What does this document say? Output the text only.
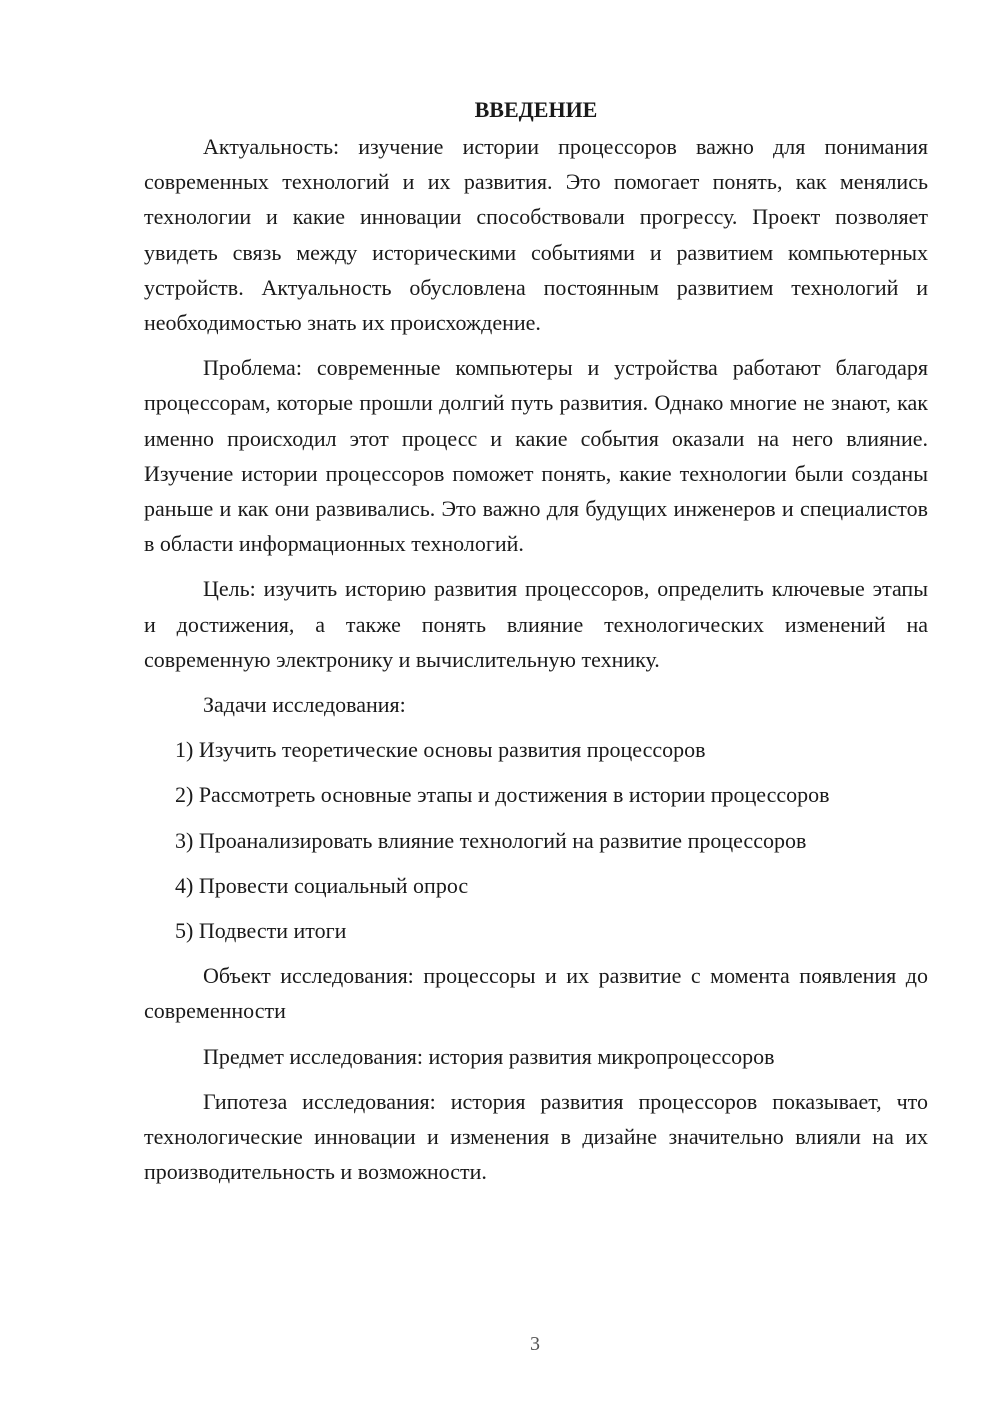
ВВЕДЕНИЕ

Актуальность: изучение истории процессоров важно для понимания современных технологий и их развития. Это помогает понять, как менялись технологии и какие инновации способствовали прогрессу. Проект позволяет увидеть связь между историческими событиями и развитием компьютерных устройств. Актуальность обусловлена постоянным развитием технологий и необходимостью знать их происхождение.

Проблема: современные компьютеры и устройства работают благодаря процессорам, которые прошли долгий путь развития. Однако многие не знают, как именно происходил этот процесс и какие события оказали на него влияние. Изучение истории процессоров поможет понять, какие технологии были созданы раньше и как они развивались. Это важно для будущих инженеров и специалистов в области информационных технологий.

Цель: изучить историю развития процессоров, определить ключевые этапы и достижения, а также понять влияние технологических изменений на современную электронику и вычислительную технику.

Задачи исследования:

1) Изучить теоретические основы развития процессоров
2) Рассмотреть основные этапы и достижения в истории процессоров
3) Проанализировать влияние технологий на развитие процессоров
4) Провести социальный опрос
5) Подвести итоги

Объект исследования: процессоры и их развитие с момента появления до современности

Предмет исследования: история развития микропроцессоров

Гипотеза исследования: история развития процессоров показывает, что технологические инновации и изменения в дизайне значительно влияли на их производительность и возможности.

3
